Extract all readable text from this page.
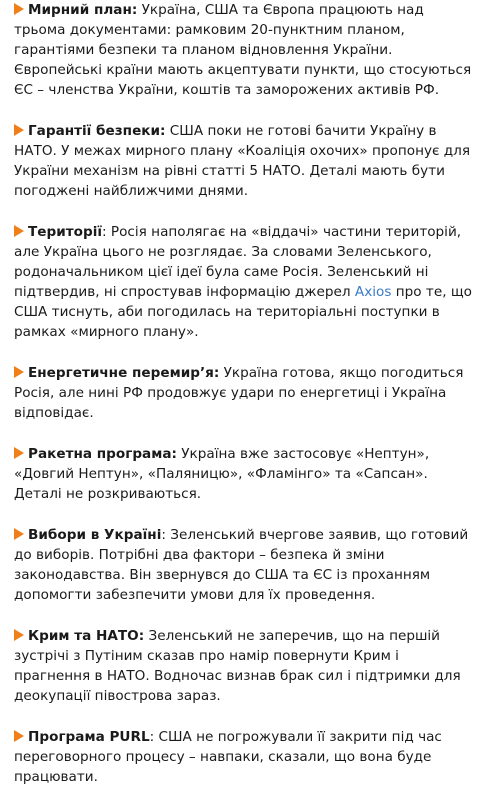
Мирний план: Україна, США та Європа працюють над трьома документами: рамковим 20-пунктним планом, гарантіями безпеки та планом відновлення України. Європейські країни мають акцептувати пункти, що стосуються ЄС – членства України, коштів та заморожених активів РФ.

Гарантії безпеки: США поки не готові бачити Україну в НАТО. У межах мирного плану «Коаліція охочих» пропонує для України механізм на рівні статті 5 НАТО. Деталі мають бути погоджені найближчими днями.

Території: Росія наполягає на «віддачі» частини територій, але Україна цього не розглядає. За словами Зеленського, родоначальником цієї ідеї була саме Росія. Зеленський ні підтвердив, ні спростував інформацію джерел Axios про те, що США тиснуть, аби погодилась на територіальні поступки в рамках «мирного плану».

Енергетичне перемир’я: Україна готова, якщо погодиться Росія, але нині РФ продовжує удари по енергетиці і Україна відповідає.

Ракетна програма: Україна вже застосовує «Нептун», «Довгий Нептун», «Паляницю», «Фламінго» та «Сапсан». Деталі не розкриваються.

Вибори в Україні: Зеленський вчергове заявив, що готовий до виборів. Потрібні два фактори – безпека й зміни законодавства. Він звернувся до США та ЄС із проханням допомогти забезпечити умови для їх проведення.

Крим та НАТО: Зеленський не заперечив, що на першій зустрічі з Путіним сказав про намір повернути Крим і прагнення в НАТО. Водночас визнав брак сил і підтримки для деокупації півострова зараз.

Програма PURL: США не погрожували її закрити під час переговорного процесу – навпаки, сказали, що вона буде працювати.
